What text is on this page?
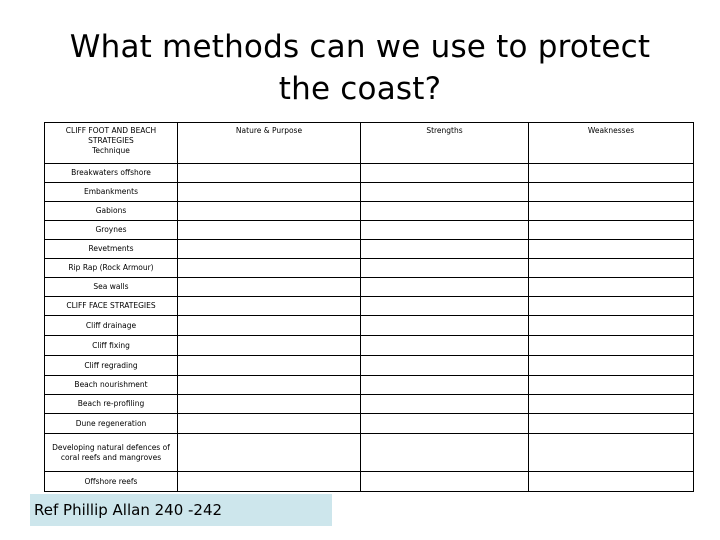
What methods can we use to protect
the coast?
CLIFF FOOT AND BEACH STRATEGIES
Technique	Nature & Purpose	Strengths	Weaknesses
Breakwaters offshore			
Embankments			
Gabions			
Groynes			
Revetments			
Rip Rap (Rock Armour)			
Sea walls			
CLIFF FACE STRATEGIES			
Cliff drainage			
Cliff fixing			
Cliff regrading			
Beach nourishment			
Beach re-profiling			
Dune regeneration			
Developing natural defences of coral reefs and mangroves			
Offshore reefs			
Ref Phillip Allan 240 -242
